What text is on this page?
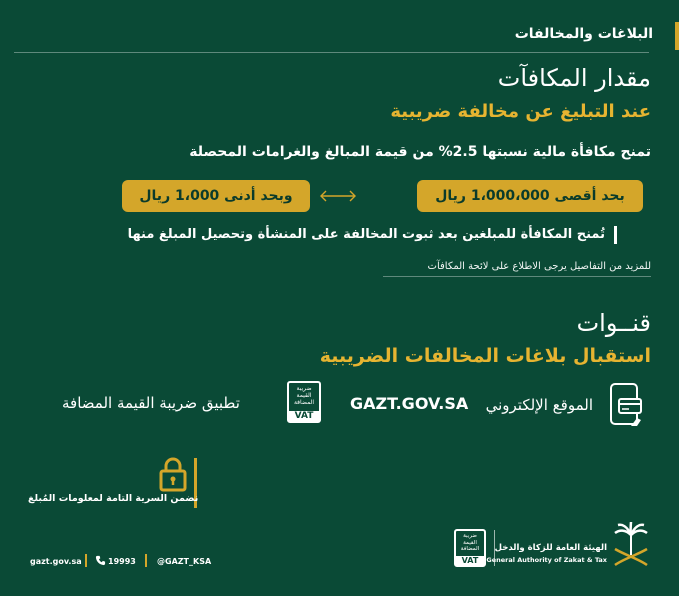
البلاغات والمخالفات
مقدار المكافآت
عند التبليغ عن مخالفة ضريبية
تمنح مكافأة مالية نسبتها 2.5% من قيمة المبالغ والغرامات المحصلة
بحد أقصى 1،000،000 ريال
وبحد أدنى 1،000 ريال
تُمنح المكافأة للمبلغين بعد ثبوت المخالفة على المنشأة وتحصيل المبلغ منها
للمزيد من التفاصيل يرجى الاطلاع على لائحة المكافآت
قنــوات
استقبال بلاغات المخالفات الضريبية
الموقع الإلكتروني
GAZT.GOV.SA
ضريبة القيمة المضافة
VAT
تطبيق ضريبة القيمة المضافة
نضمن السرية التامة لمعلومات المُبلغ
gazt.gov.sa	19993	@GAZT_KSA
ضريبة القيمة المضافة
VAT
الهيئة العامة للزكاة والدخل
General Authority of Zakat & Tax
